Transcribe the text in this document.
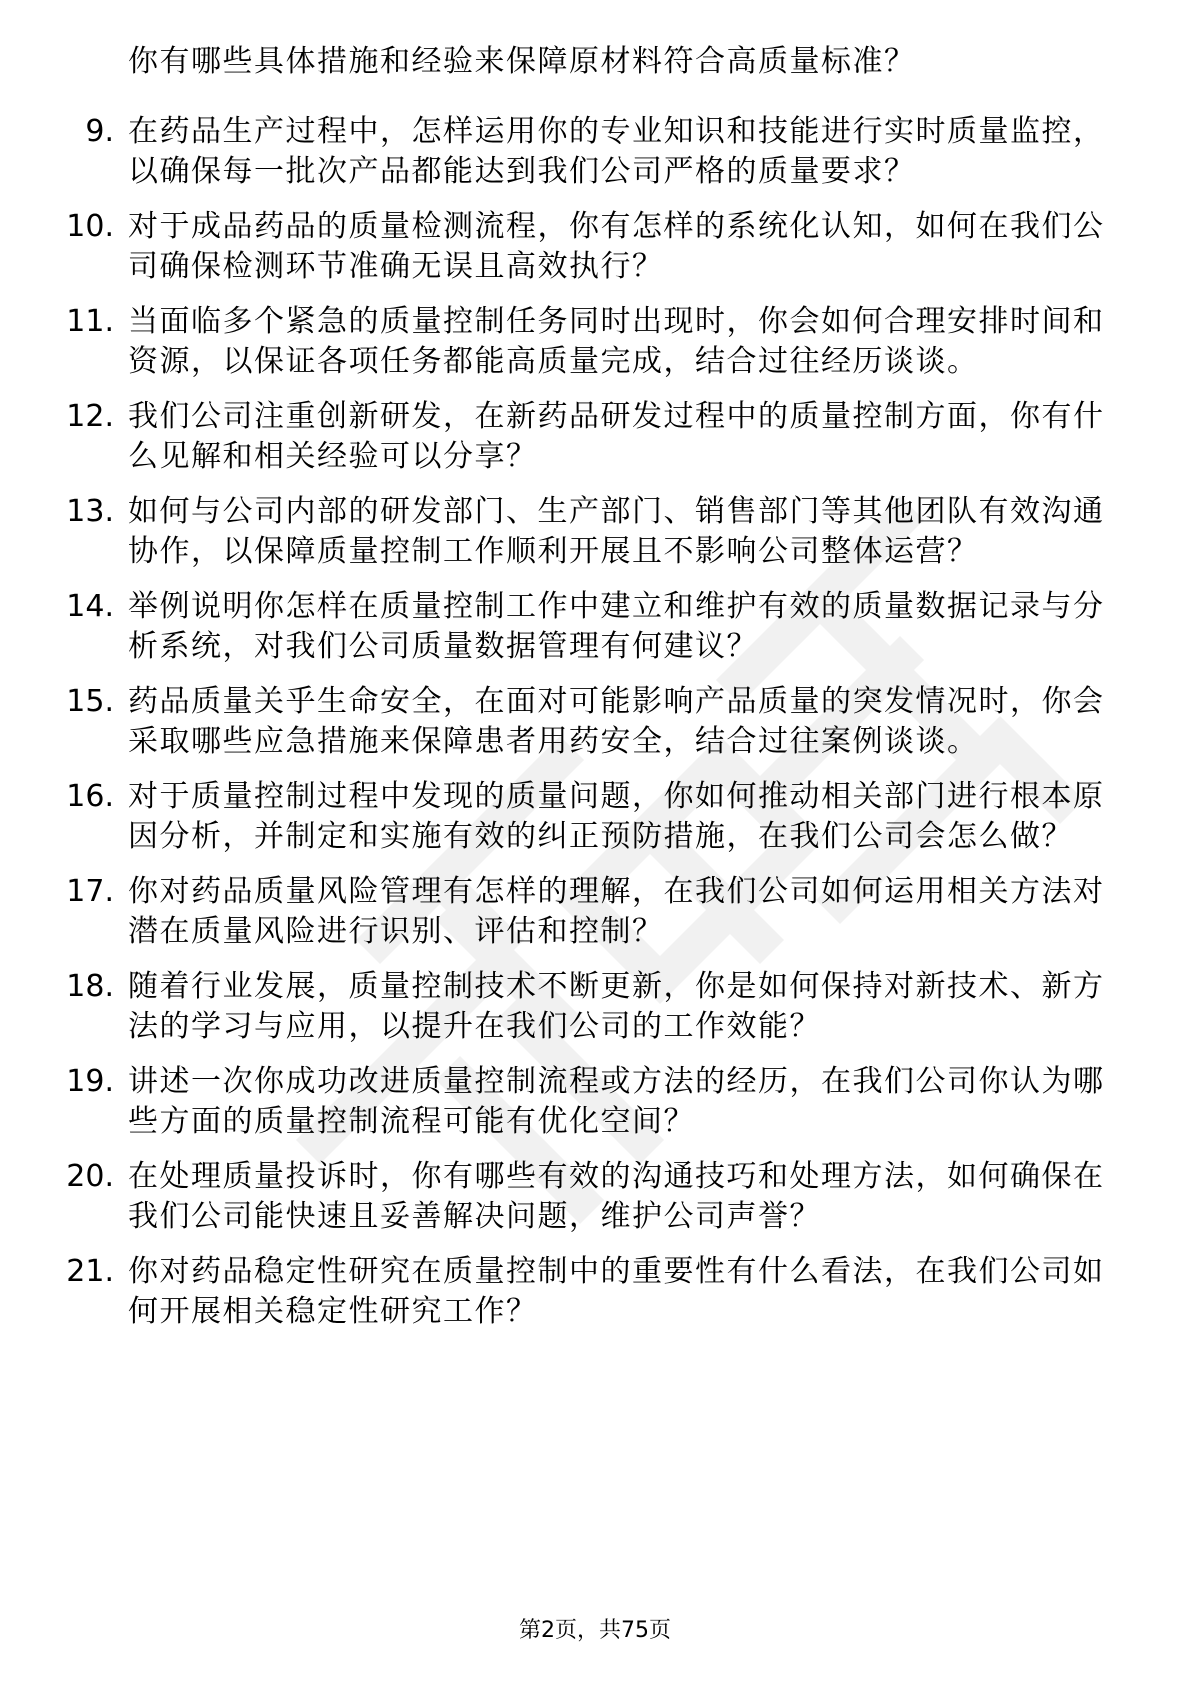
你有哪些具体措施和经验来保障原材料符合高质量标准？
9. 在药品生产过程中，怎样运用你的专业知识和技能进行实时质量监控，以确保每一批次产品都能达到我们公司严格的质量要求？
10. 对于成品药品的质量检测流程，你有怎样的系统化认知，如何在我们公司确保检测环节准确无误且高效执行？
11. 当面临多个紧急的质量控制任务同时出现时，你会如何合理安排时间和资源，以保证各项任务都能高质量完成，结合过往经历谈谈。
12. 我们公司注重创新研发，在新药品研发过程中的质量控制方面，你有什么见解和相关经验可以分享？
13. 如何与公司内部的研发部门、生产部门、销售部门等其他团队有效沟通协作，以保障质量控制工作顺利开展且不影响公司整体运营？
14. 举例说明你怎样在质量控制工作中建立和维护有效的质量数据记录与分析系统，对我们公司质量数据管理有何建议？
15. 药品质量关乎生命安全，在面对可能影响产品质量的突发情况时，你会采取哪些应急措施来保障患者用药安全，结合过往案例谈谈。
16. 对于质量控制过程中发现的质量问题，你如何推动相关部门进行根本原因分析，并制定和实施有效的纠正预防措施，在我们公司会怎么做？
17. 你对药品质量风险管理有怎样的理解，在我们公司如何运用相关方法对潜在质量风险进行识别、评估和控制？
18. 随着行业发展，质量控制技术不断更新，你是如何保持对新技术、新方法的学习与应用，以提升在我们公司的工作效能？
19. 讲述一次你成功改进质量控制流程或方法的经历，在我们公司你认为哪些方面的质量控制流程可能有优化空间？
20. 在处理质量投诉时，你有哪些有效的沟通技巧和处理方法，如何确保在我们公司能快速且妥善解决问题，维护公司声誉？
21. 你对药品稳定性研究在质量控制中的重要性有什么看法，在我们公司如何开展相关稳定性研究工作？
第2页，共75页
